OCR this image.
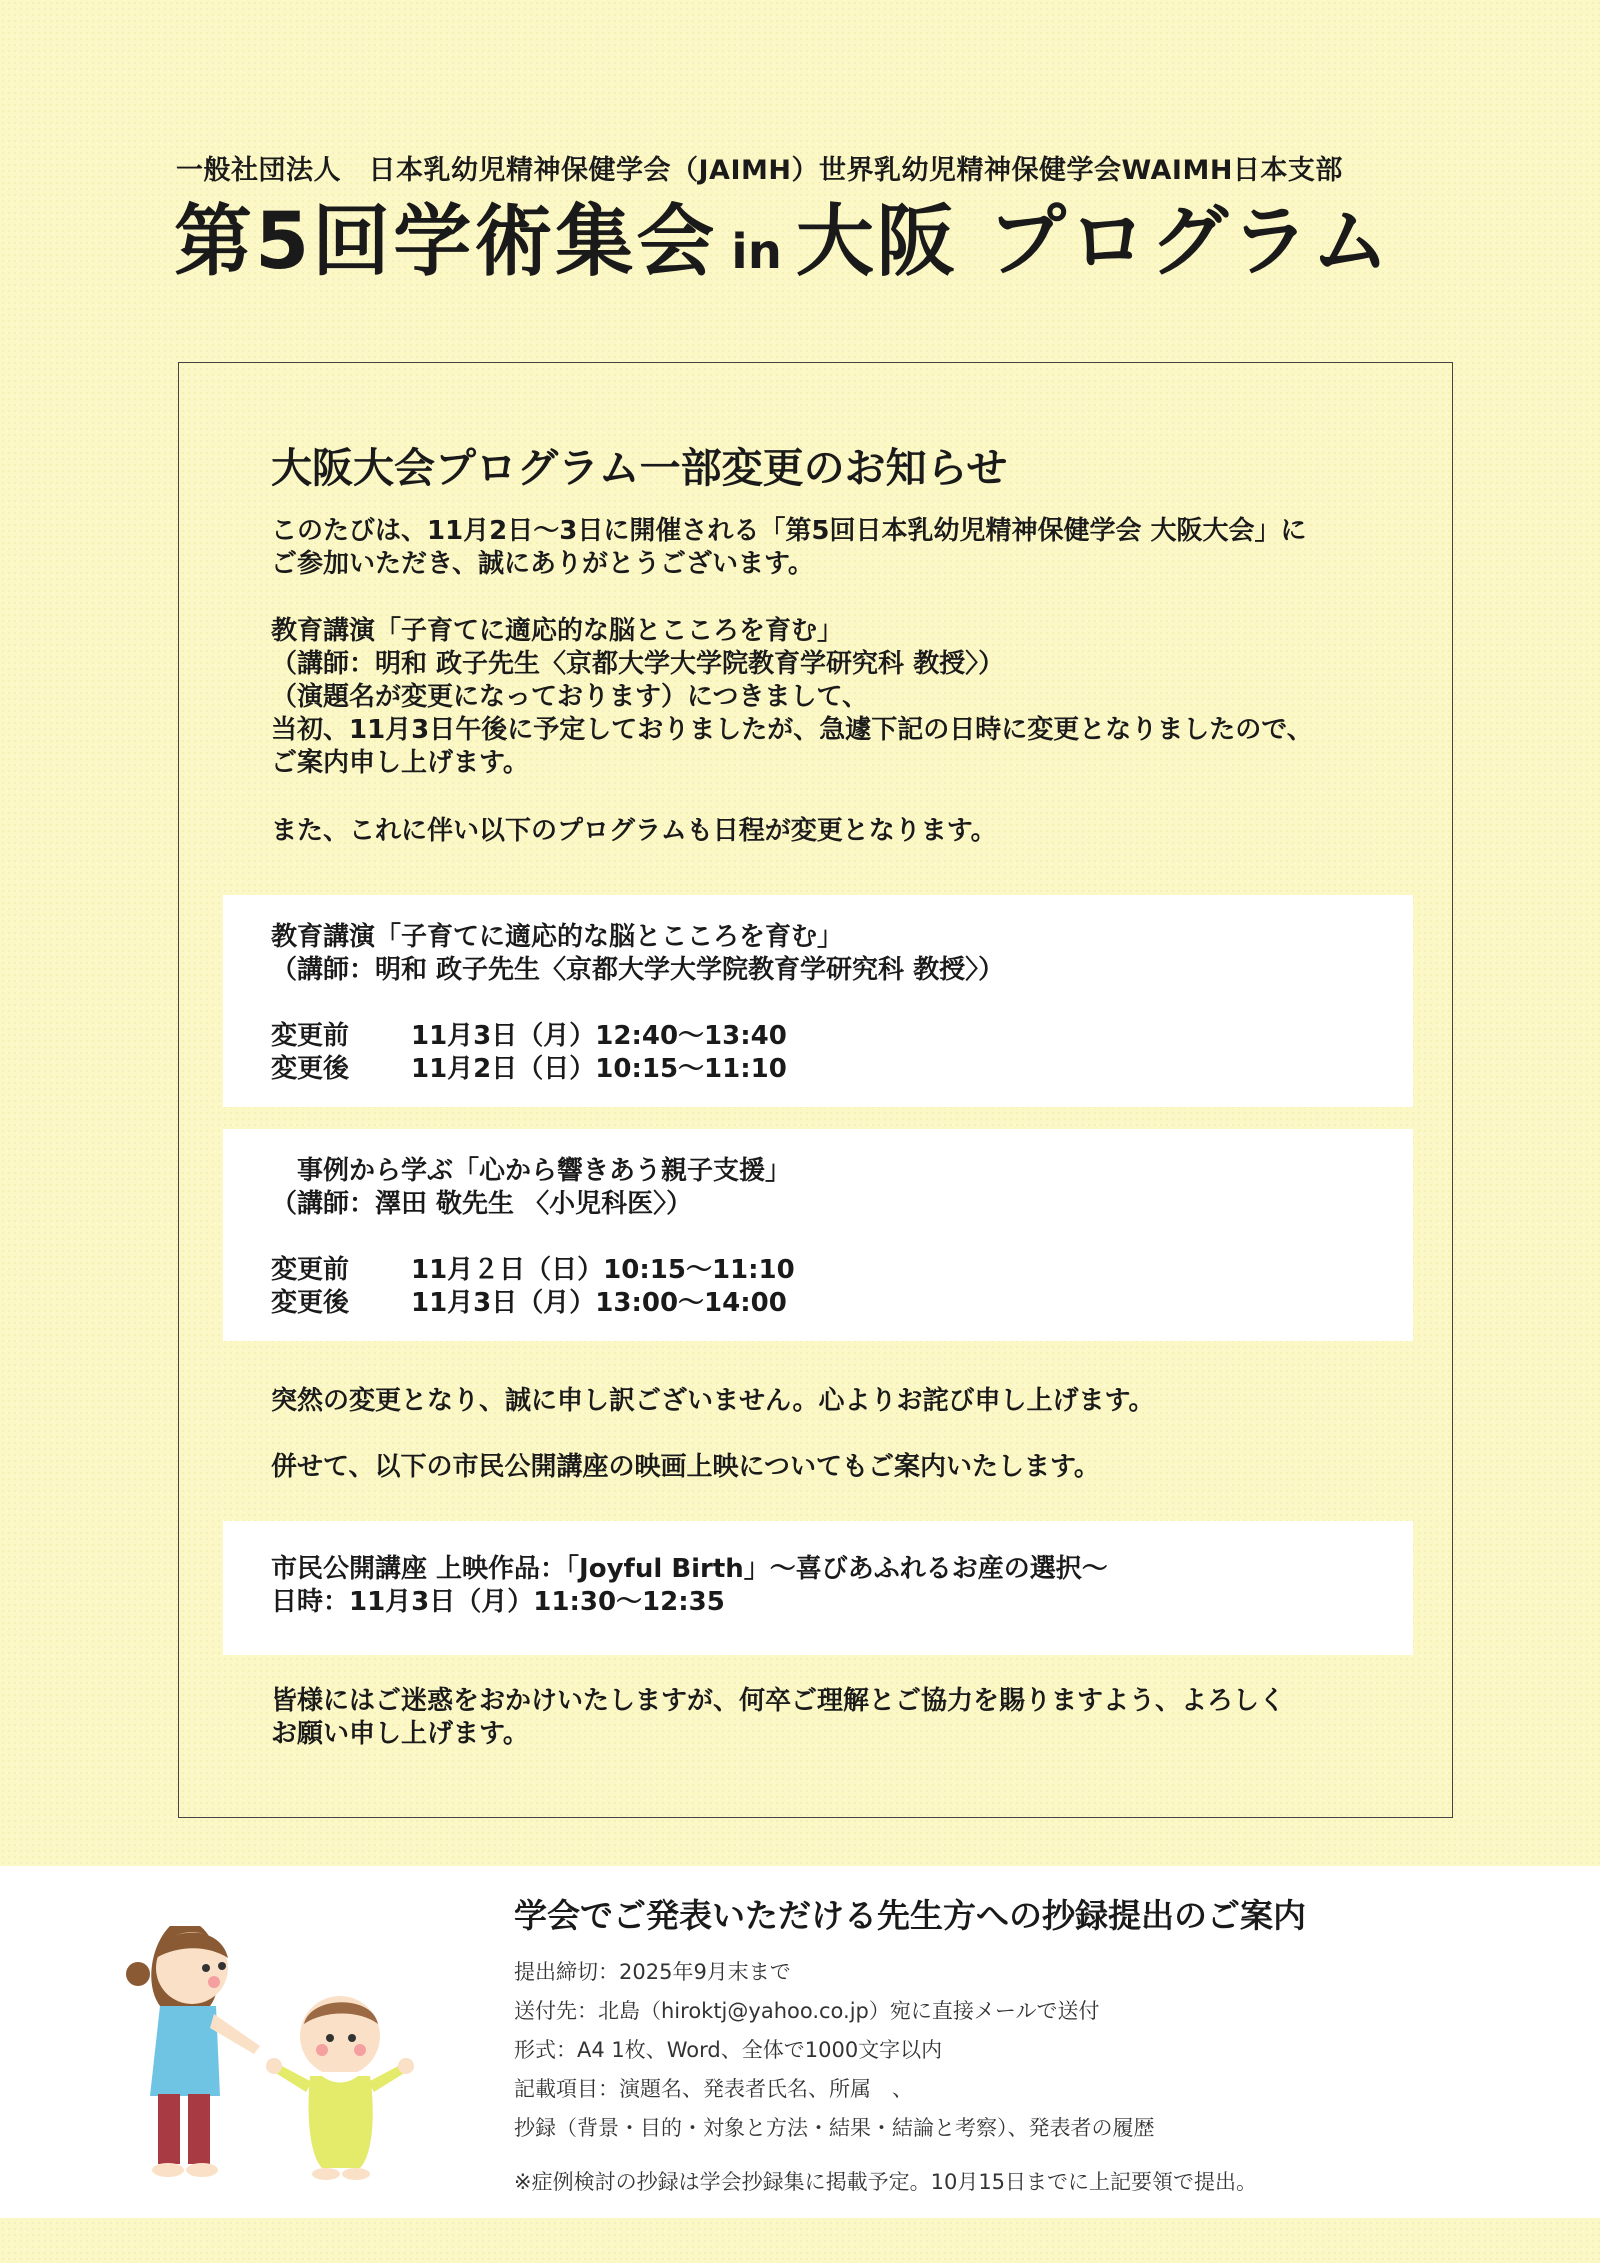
一般社団法人　日本乳幼児精神保健学会（JAIMH）世界乳幼児精神保健学会WAIMH日本支部
第5回学術集会 in 大阪 プログラム
大阪大会プログラム一部変更のお知らせ
このたびは、11月2日〜3日に開催される「第5回日本乳幼児精神保健学会 大阪大会」に
ご参加いただき、誠にありがとうございます。
教育講演「子育てに適応的な脳とこころを育む」
（講師：明和 政子先生〈京都大学大学院教育学研究科 教授〉）
（演題名が変更になっております）につきまして、
当初、11月3日午後に予定しておりましたが、急遽下記の日時に変更となりましたので、
ご案内申し上げます。
また、これに伴い以下のプログラムも日程が変更となります。
教育講演「子育てに適応的な脳とこころを育む」
（講師：明和 政子先生〈京都大学大学院教育学研究科 教授〉）
変更前	11月3日（月）12:40〜13:40
変更後	11月2日（日）10:15〜11:10
　事例から学ぶ「心から響きあう親子支援」
（講師：澤田 敬先生 〈小児科医〉）
変更前	11月２日（日）10:15〜11:10
変更後	11月3日（月）13:00〜14:00
突然の変更となり、誠に申し訳ございません。心よりお詫び申し上げます。
併せて、以下の市民公開講座の映画上映についてもご案内いたします。
市民公開講座 上映作品：「Joyful Birth」〜喜びあふれるお産の選択〜
日時：11月3日（月）11:30〜12:35
皆様にはご迷惑をおかけいたしますが、何卒ご理解とご協力を賜りますよう、よろしく
お願い申し上げます。
学会でご発表いただける先生方への抄録提出のご案内
提出締切：2025年9月末まで
送付先：北島（hiroktj@yahoo.co.jp）宛に直接メールで送付
形式：A4 1枚、Word、全体で1000文字以内
記載項目：演題名、発表者氏名、所属　、
抄録（背景・目的・対象と方法・結果・結論と考察）、発表者の履歴
※症例検討の抄録は学会抄録集に掲載予定。10月15日までに上記要領で提出。
